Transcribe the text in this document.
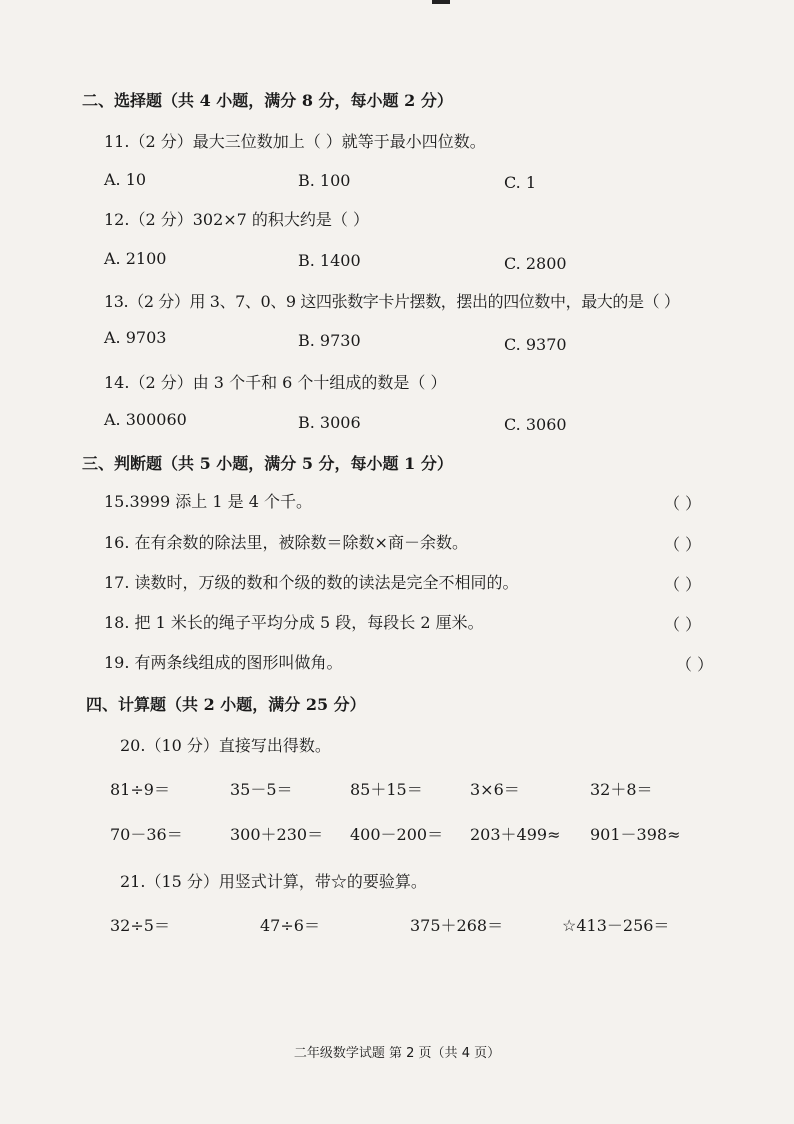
二、选择题（共 4 小题，满分 8 分，每小题 2 分）
11.（2 分）最大三位数加上（ ）就等于最小四位数。
A. 10	B. 100	C. 1
12.（2 分）302×7 的积大约是（ ）
A. 2100	B. 1400	C. 2800
13.（2 分）用 3、7、0、9 这四张数字卡片摆数，摆出的四位数中，最大的是（ ）
A. 9703	B. 9730	C. 9370
14.（2 分）由 3 个千和 6 个十组成的数是（ ）
A. 300060	B. 3006	C. 3060
三、判断题（共 5 小题，满分 5 分，每小题 1 分）
15.3999 添上 1 是 4 个千。	（ ）
16. 在有余数的除法里，被除数＝除数×商－余数。	（ ）
17. 读数时，万级的数和个级的数的读法是完全不相同的。	（ ）
18. 把 1 米长的绳子平均分成 5 段，每段长 2 厘米。	（ ）
19. 有两条线组成的图形叫做角。	（ ）
四、计算题（共 2 小题，满分 25 分）
20.（10 分）直接写出得数。
81÷9＝	35－5＝	85＋15＝	3×6＝	32＋8＝
70－36＝	300＋230＝ 400－200＝ 203＋499≈ 901－398≈
21.（15 分）用竖式计算，带☆的要验算。
32÷5＝	47÷6＝	375＋268＝	☆413－256＝
二年级数学试题 第 2 页（共 4 页）
